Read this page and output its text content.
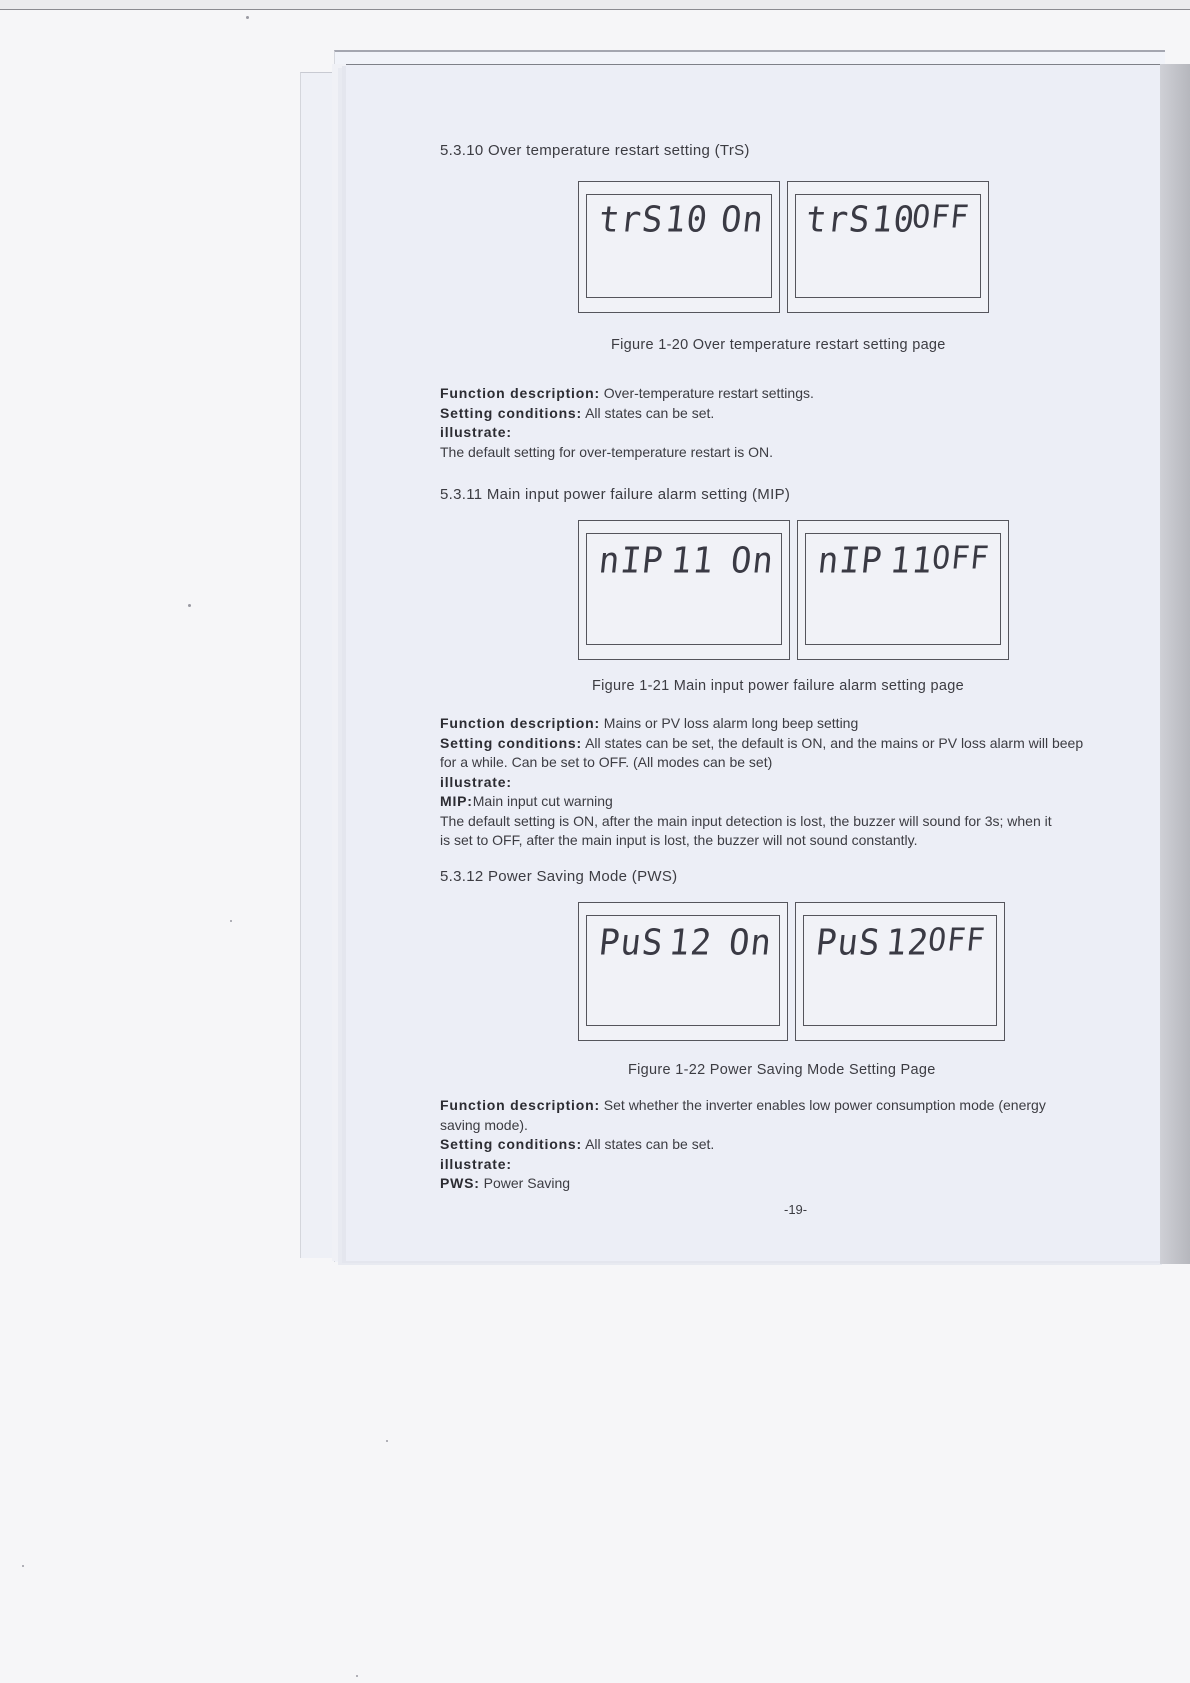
5.3.10 Over temperature restart setting (TrS)
trS
10 On trS
10
OFF
Figure 1-20 Over temperature restart setting page
Function description: Over-temperature restart settings.
Setting conditions: All states can be set.
illustrate:
The default setting for over-temperature restart is ON.
5.3.11 Main input power failure alarm setting (MIP)
nIP 11 On nIP 11
OFF
Figure 1-21 Main input power failure alarm setting page
Function description: Mains or PV loss alarm long beep setting
Setting conditions: All states can be set, the default is ON, and the mains or PV loss alarm will beep
for a while. Can be set to OFF. (All modes can be set)
illustrate:
MIP:Main input cut warning
The default setting is ON, after the main input detection is lost, the buzzer will sound for 3s; when it
is set to OFF, after the main input is lost, the buzzer will not sound constantly.
5.3.12 Power Saving Mode (PWS)
PuS 12 On PuS 12
OFF
Figure 1-22 Power Saving Mode Setting Page
Function description: Set whether the inverter enables low power consumption mode (energy
saving mode).
Setting conditions: All states can be set.
illustrate:
PWS: Power Saving
-19-
